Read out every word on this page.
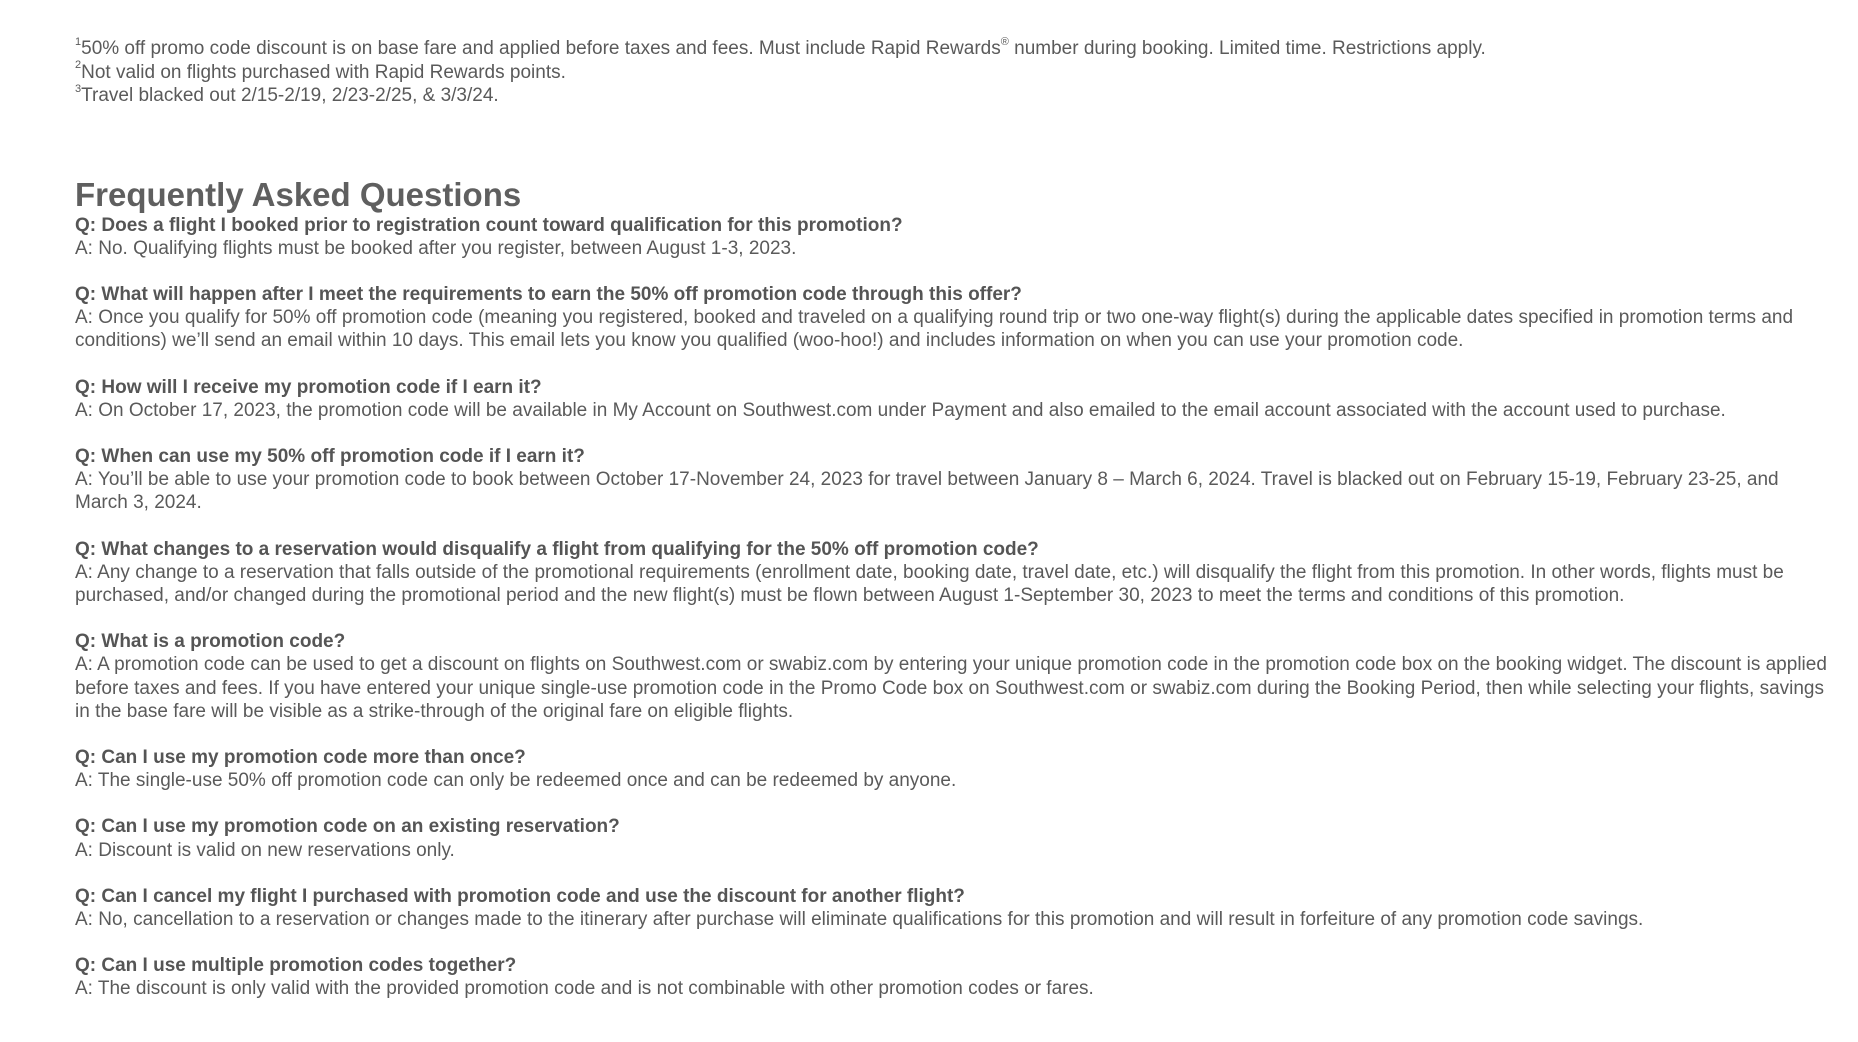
$^1$50% off promo code discount is on base fare and applied before taxes and fees. Must include Rapid Rewards® number during booking. Limited time. Restrictions apply.
$^2$Not valid on flights purchased with Rapid Rewards points.
$^3$Travel blacked out 2/15-2/19, 2/23-2/25, & 3/3/24.
Frequently Asked Questions
Q: Does a flight I booked prior to registration count toward qualification for this promotion?
A: No. Qualifying flights must be booked after you register, between August 1-3, 2023.
Q: What will happen after I meet the requirements to earn the 50% off promotion code through this offer?
A: Once you qualify for 50% off promotion code (meaning you registered, booked and traveled on a qualifying round trip or two one-way flight(s) during the applicable dates specified in promotion terms and conditions) we’ll send an email within 10 days. This email lets you know you qualified (woo-hoo!) and includes information on when you can use your promotion code.
Q: How will I receive my promotion code if I earn it?
A: On October 17, 2023, the promotion code will be available in My Account on Southwest.com under Payment and also emailed to the email account associated with the account used to purchase.
Q: When can use my 50% off promotion code if I earn it?
A: You’ll be able to use your promotion code to book between October 17-November 24, 2023 for travel between January 8 – March 6, 2024. Travel is blacked out on February 15-19, February 23-25, and March 3, 2024.
Q: What changes to a reservation would disqualify a flight from qualifying for the 50% off promotion code?
A: Any change to a reservation that falls outside of the promotional requirements (enrollment date, booking date, travel date, etc.) will disqualify the flight from this promotion. In other words, flights must be purchased, and/or changed during the promotional period and the new flight(s) must be flown between August 1-September 30, 2023 to meet the terms and conditions of this promotion.
Q: What is a promotion code?
A: A promotion code can be used to get a discount on flights on Southwest.com or swabiz.com by entering your unique promotion code in the promotion code box on the booking widget. The discount is applied before taxes and fees. If you have entered your unique single-use promotion code in the Promo Code box on Southwest.com or swabiz.com during the Booking Period, then while selecting your flights, savings in the base fare will be visible as a strike-through of the original fare on eligible flights.
Q: Can I use my promotion code more than once?
A: The single-use 50% off promotion code can only be redeemed once and can be redeemed by anyone.
Q: Can I use my promotion code on an existing reservation?
A: Discount is valid on new reservations only.
Q: Can I cancel my flight I purchased with promotion code and use the discount for another flight?
A: No, cancellation to a reservation or changes made to the itinerary after purchase will eliminate qualifications for this promotion and will result in forfeiture of any promotion code savings.
Q: Can I use multiple promotion codes together?
A: The discount is only valid with the provided promotion code and is not combinable with other promotion codes or fares.
